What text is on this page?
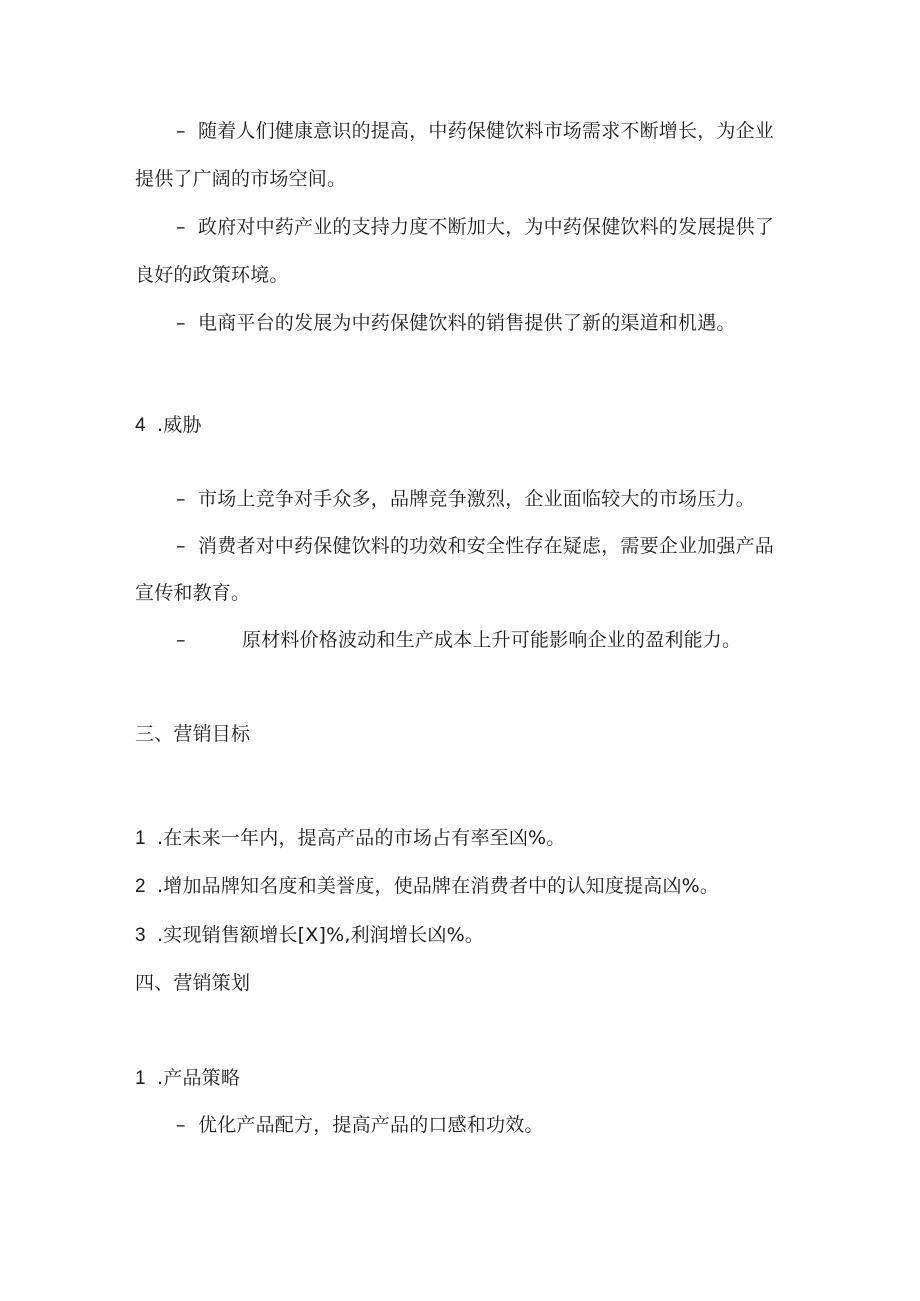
– 随着人们健康意识的提高，中药保健饮料市场需求不断增长，为企业
提供了广阔的市场空间。
– 政府对中药产业的支持力度不断加大，为中药保健饮料的发展提供了
良好的政策环境。
– 电商平台的发展为中药保健饮料的销售提供了新的渠道和机遇。
4 .威胁
– 市场上竞争对手众多，品牌竞争激烈，企业面临较大的市场压力。
– 消费者对中药保健饮料的功效和安全性存在疑虑，需要企业加强产品
宣传和教育。
–	原材料价格波动和生产成本上升可能影响企业的盈利能力。
三、营销目标
1 .在未来一年内，提高产品的市场占有率至凶%。
2 .增加品牌知名度和美誉度，使品牌在消费者中的认知度提高凶%。
3 .实现销售额增长[X]%,利润增长凶%。
四、营销策划
1 .产品策略
– 优化产品配方，提高产品的口感和功效。
